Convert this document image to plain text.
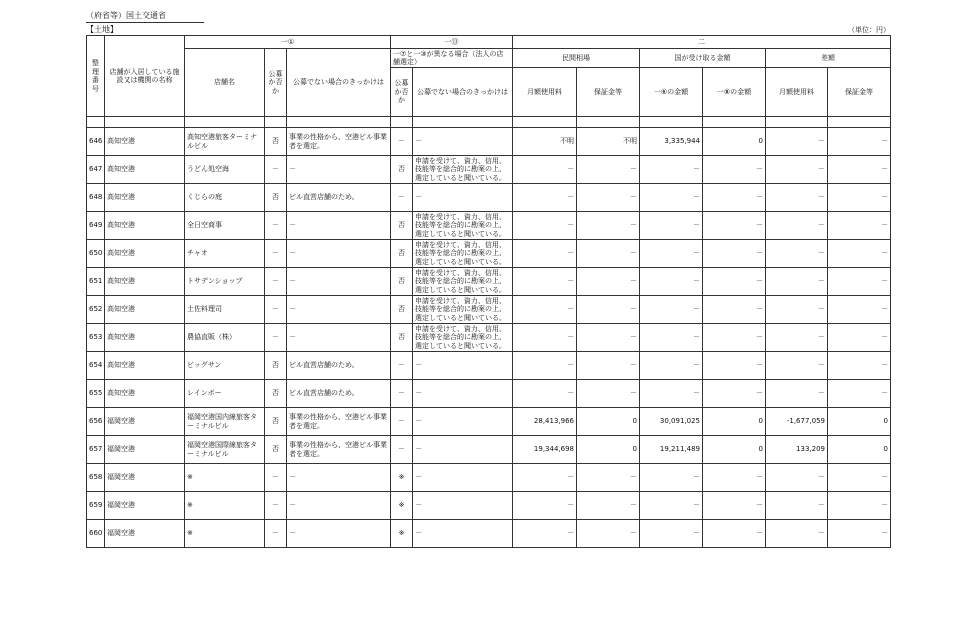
（府省等）国土交通省
【土地】	（単位：円）
整理番号	店舗が入居している施設又は機関の名称	一①			一⑬		二					
		店舗名	公募か否か	公募でない場合のきっかけは	一⑦と一③が異なる場合（法人の店舗選定）		民間相場		国が受け取る金額		差額	
					公募か否か	公募でない場合のきっかけは	月額使用料	保証金等	一⑥の金額	一⑧の金額	月額使用料	保証金等

646	高知空港	高知空港旅客ターミナルビル	否	事業の性格から、空港ビル事業者を選定。	－	－	不明	不明	3,335,944	0	－	－
647	高知空港	うどん処空海	－	－	否	申請を受けて、資力、信用、技能等を総合的に勘案の上、選定していると聞いている。	－	－	－	－	－	－
648	高知空港	くじらの庭	否	ビル直営店舗のため。	－	－	－	－	－	－	－	－
649	高知空港	全日空商事	－	－	否	申請を受けて、資力、信用、技能等を総合的に勘案の上、選定していると聞いている。	－	－	－	－	－	－
650	高知空港	チャオ	－	－	否	申請を受けて、資力、信用、技能等を総合的に勘案の上、選定していると聞いている。	－	－	－	－	－	－
651	高知空港	トサデンショップ	－	－	否	申請を受けて、資力、信用、技能等を総合的に勘案の上、選定していると聞いている。	－	－	－	－	－	－
652	高知空港	土佐料理司	－	－	否	申請を受けて、資力、信用、技能等を総合的に勘案の上、選定していると聞いている。	－	－	－	－	－	－
653	高知空港	農協直販（株）	－	－	否	申請を受けて、資力、信用、技能等を総合的に勘案の上、選定していると聞いている。	－	－	－	－	－	－
654	高知空港	ビッグサン	否	ビル直営店舗のため。	－	－	－	－	－	－	－	－
655	高知空港	レインボー	否	ビル直営店舗のため。	－	－	－	－	－	－	－	－
656	福岡空港	福岡空港国内線旅客ターミナルビル	否	事業の性格から、空港ビル事業者を選定。	－	－	28,413,966	0	30,091,025	0	-1,677,059	0
657	福岡空港	福岡空港国際線旅客ターミナルビル	否	事業の性格から、空港ビル事業者を選定。	－	－	19,344,698	0	19,211,489	0	133,209	0
658	福岡空港	※	－	－	※	－	－	－	－	－	－	－
659	福岡空港	※	－	－	※	－	－	－	－	－	－	－
660	福岡空港	※	－	－	※	－	－	－	－	－	－	－
